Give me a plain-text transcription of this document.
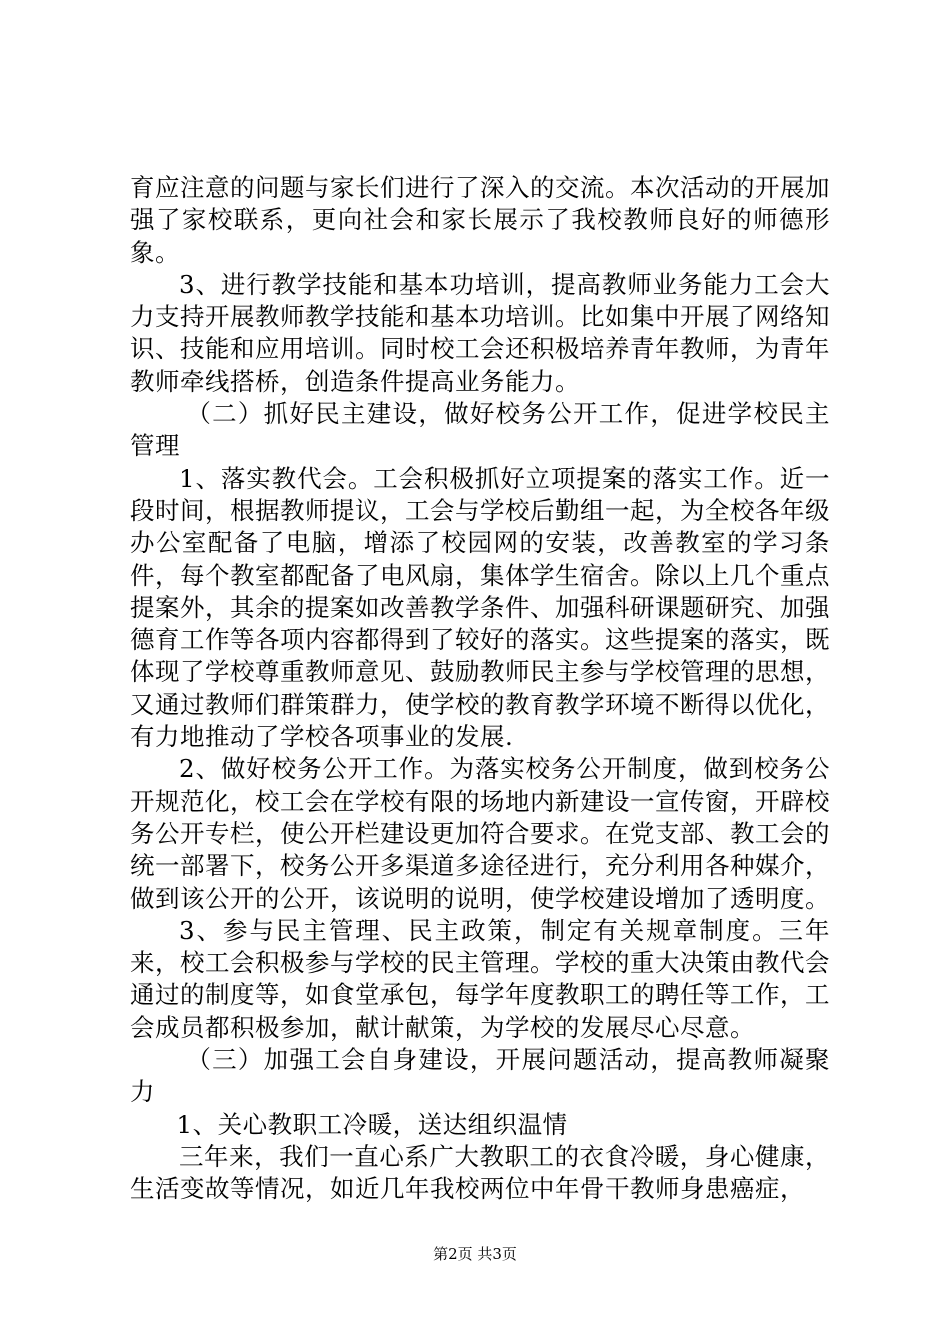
育应注意的问题与家长们进行了深入的交流。本次活动的开展加强了家校联系，更向社会和家长展示了我校教师良好的师德形象。

3、进行教学技能和基本功培训，提高教师业务能力工会大力支持开展教师教学技能和基本功培训。比如集中开展了网络知识、技能和应用培训。同时校工会还积极培养青年教师，为青年教师牵线搭桥，创造条件提高业务能力。

（二）抓好民主建设，做好校务公开工作，促进学校民主管理

1、落实教代会。工会积极抓好立项提案的落实工作。近一段时间，根据教师提议，工会与学校后勤组一起，为全校各年级办公室配备了电脑，增添了校园网的安装，改善教室的学习条件，每个教室都配备了电风扇，集体学生宿舍。除以上几个重点提案外，其余的提案如改善教学条件、加强科研课题研究、加强德育工作等各项内容都得到了较好的落实。这些提案的落实，既体现了学校尊重教师意见、鼓励教师民主参与学校管理的思想，又通过教师们群策群力，使学校的教育教学环境不断得以优化，有力地推动了学校各项事业的发展.

2、做好校务公开工作。为落实校务公开制度，做到校务公开规范化，校工会在学校有限的场地内新建设一宣传窗，开辟校务公开专栏，使公开栏建设更加符合要求。在党支部、教工会的统一部署下，校务公开多渠道多途径进行，充分利用各种媒介，做到该公开的公开，该说明的说明，使学校建设增加了透明度。

3、参与民主管理、民主政策，制定有关规章制度。三年来，校工会积极参与学校的民主管理。学校的重大决策由教代会通过的制度等，如食堂承包，每学年度教职工的聘任等工作，工会成员都积极参加，献计献策，为学校的发展尽心尽意。

（三）加强工会自身建设，开展问题活动，提高教师凝聚力

1、关心教职工冷暖，送达组织温情

三年来，我们一直心系广大教职工的衣食冷暖，身心健康，生活变故等情况，如近几年我校两位中年骨干教师身患癌症，

第2页 共3页
